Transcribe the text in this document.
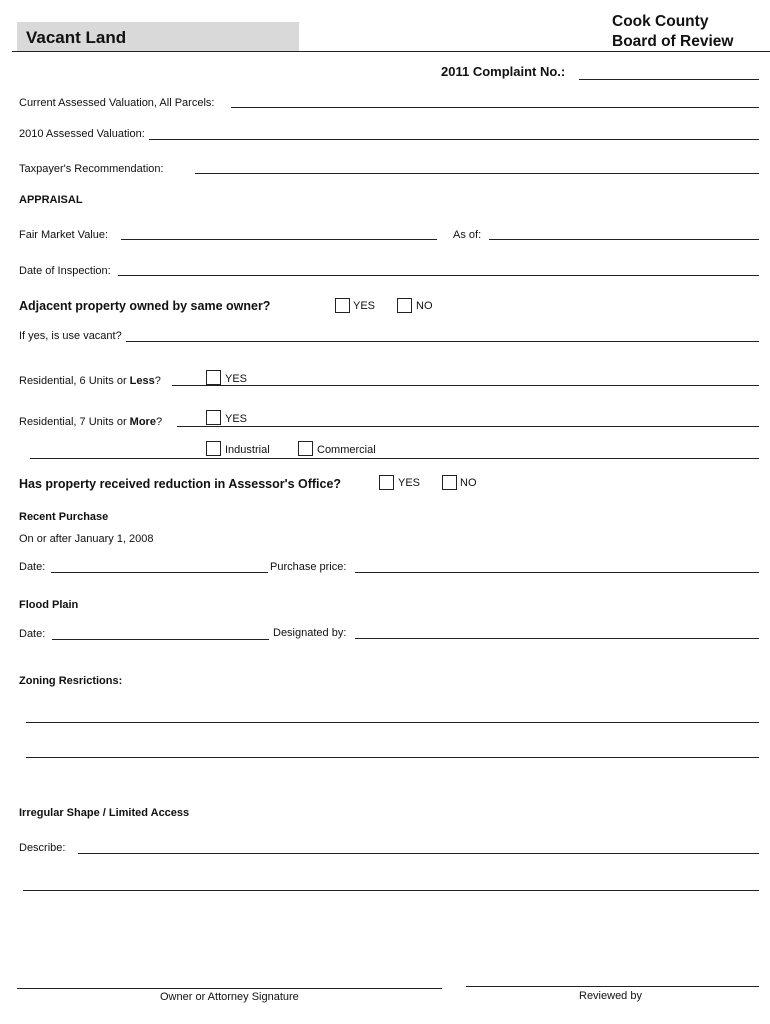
Vacant Land
Cook County
Board of Review
2011 Complaint No.:
Current Assessed Valuation, All Parcels:
2010 Assessed Valuation:
Taxpayer's Recommendation:
APPRAISAL
Fair Market Value:	As of:
Date of Inspection:
Adjacent property owned by same owner?	YES	NO
If yes, is use vacant?
Residential, 6 Units or Less?	YES
Residential, 7 Units or More?	YES
Industrial	Commercial
Has property received reduction in Assessor's Office?	YES	NO
Recent Purchase
On or after January 1, 2008
Date:	Purchase price:
Flood Plain
Date:	Designated by:
Zoning Resrictions:
Irregular Shape / Limited Access
Describe:
Owner or Attorney Signature	Reviewed by
